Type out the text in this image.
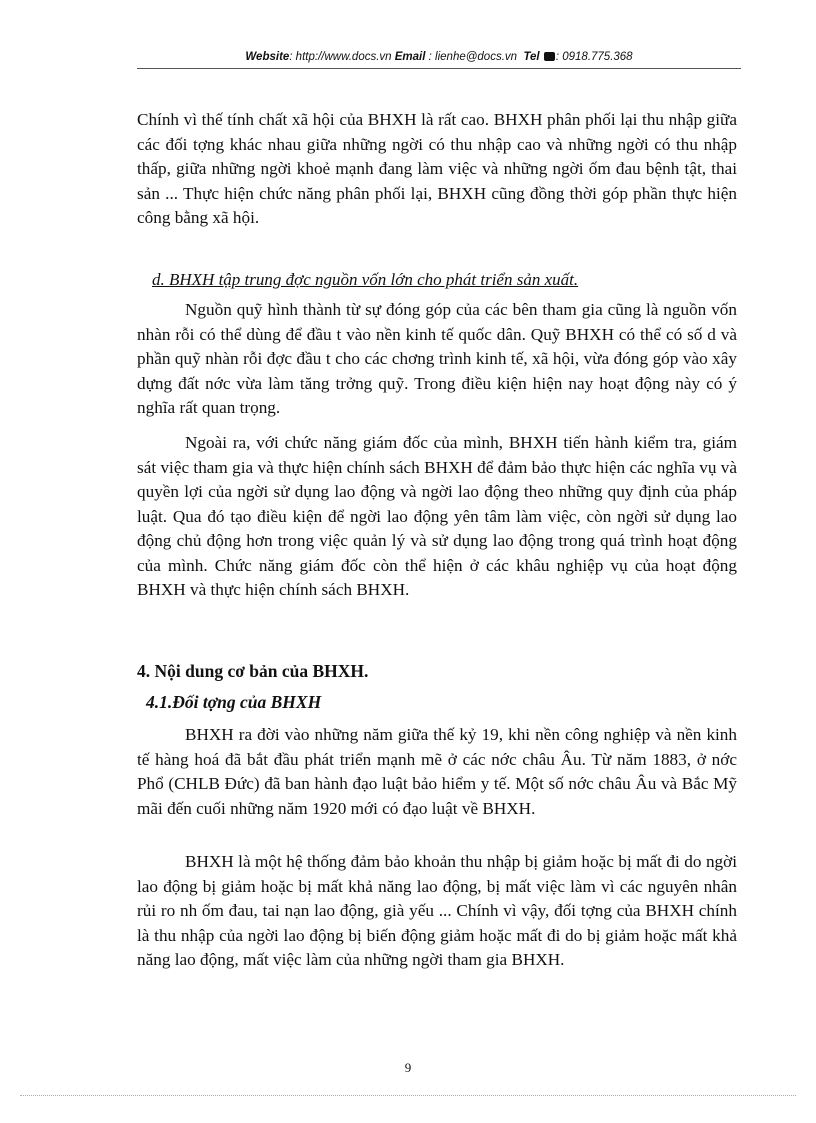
Website: http://www.docs.vn Email : lienhe@docs.vn Tel : 0918.775.368
Chính vì thế tính chất xã hội của BHXH là rất cao. BHXH phân phối lại thu nhập giữa các đối tợng khác nhau giữa những ngời có thu nhập cao và những ngời có thu nhập thấp, giữa những ngời khoẻ mạnh đang làm việc và những ngời ốm đau bệnh tật, thai sản ... Thực hiện chức năng phân phối lại, BHXH cũng đồng thời góp phần thực hiện công bằng xã hội.
d. BHXH tập trung đợc nguồn vốn lớn cho phát triển sản xuất.
Nguồn quỹ hình thành từ sự đóng góp của các bên tham gia cũng là nguồn vốn nhàn rỗi có thể dùng để đầu t vào nền kinh tế quốc dân. Quỹ BHXH có thể có số d và phần quỹ nhàn rỗi đợc đầu t cho các chơng trình kinh tế, xã hội, vừa đóng góp vào xây dựng đất nớc vừa làm tăng trởng quỹ. Trong điều kiện hiện nay hoạt động này có ý nghĩa rất quan trọng.
Ngoài ra, với chức năng giám đốc của mình, BHXH tiến hành kiểm tra, giám sát việc tham gia và thực hiện chính sách BHXH để đảm bảo thực hiện các nghĩa vụ và quyền lợi của ngời sử dụng lao động và ngời lao động theo những quy định của pháp luật. Qua đó tạo điều kiện để ngời lao động yên tâm làm việc, còn ngời sử dụng lao động chủ động hơn trong việc quản lý và sử dụng lao động trong quá trình hoạt động của mình. Chức năng giám đốc còn thể hiện ở các khâu nghiệp vụ của hoạt động BHXH và thực hiện chính sách BHXH.
4. Nội dung cơ bản của BHXH.
4.1.Đối tợng của BHXH
BHXH ra đời vào những năm giữa thế kỷ 19, khi nền công nghiệp và nền kinh tế hàng hoá đã bắt đầu phát triển mạnh mẽ ở các nớc châu Âu. Từ năm 1883, ở nớc Phổ (CHLB Đức) đã ban hành đạo luật bảo hiểm y tế. Một số nớc châu Âu và Bắc Mỹ mãi đến cuối những năm 1920 mới có đạo luật về BHXH.
BHXH là một hệ thống đảm bảo khoản thu nhập bị giảm hoặc bị mất đi do ngời lao động bị giảm hoặc bị mất khả năng lao động, bị mất việc làm vì các nguyên nhân rủi ro nh ốm đau, tai nạn lao động, già yếu ... Chính vì vậy, đối tợng của BHXH chính là thu nhập của ngời lao động bị biến động giảm hoặc mất đi do bị giảm hoặc mất khả năng lao động, mất việc làm của những ngời tham gia BHXH.
9
